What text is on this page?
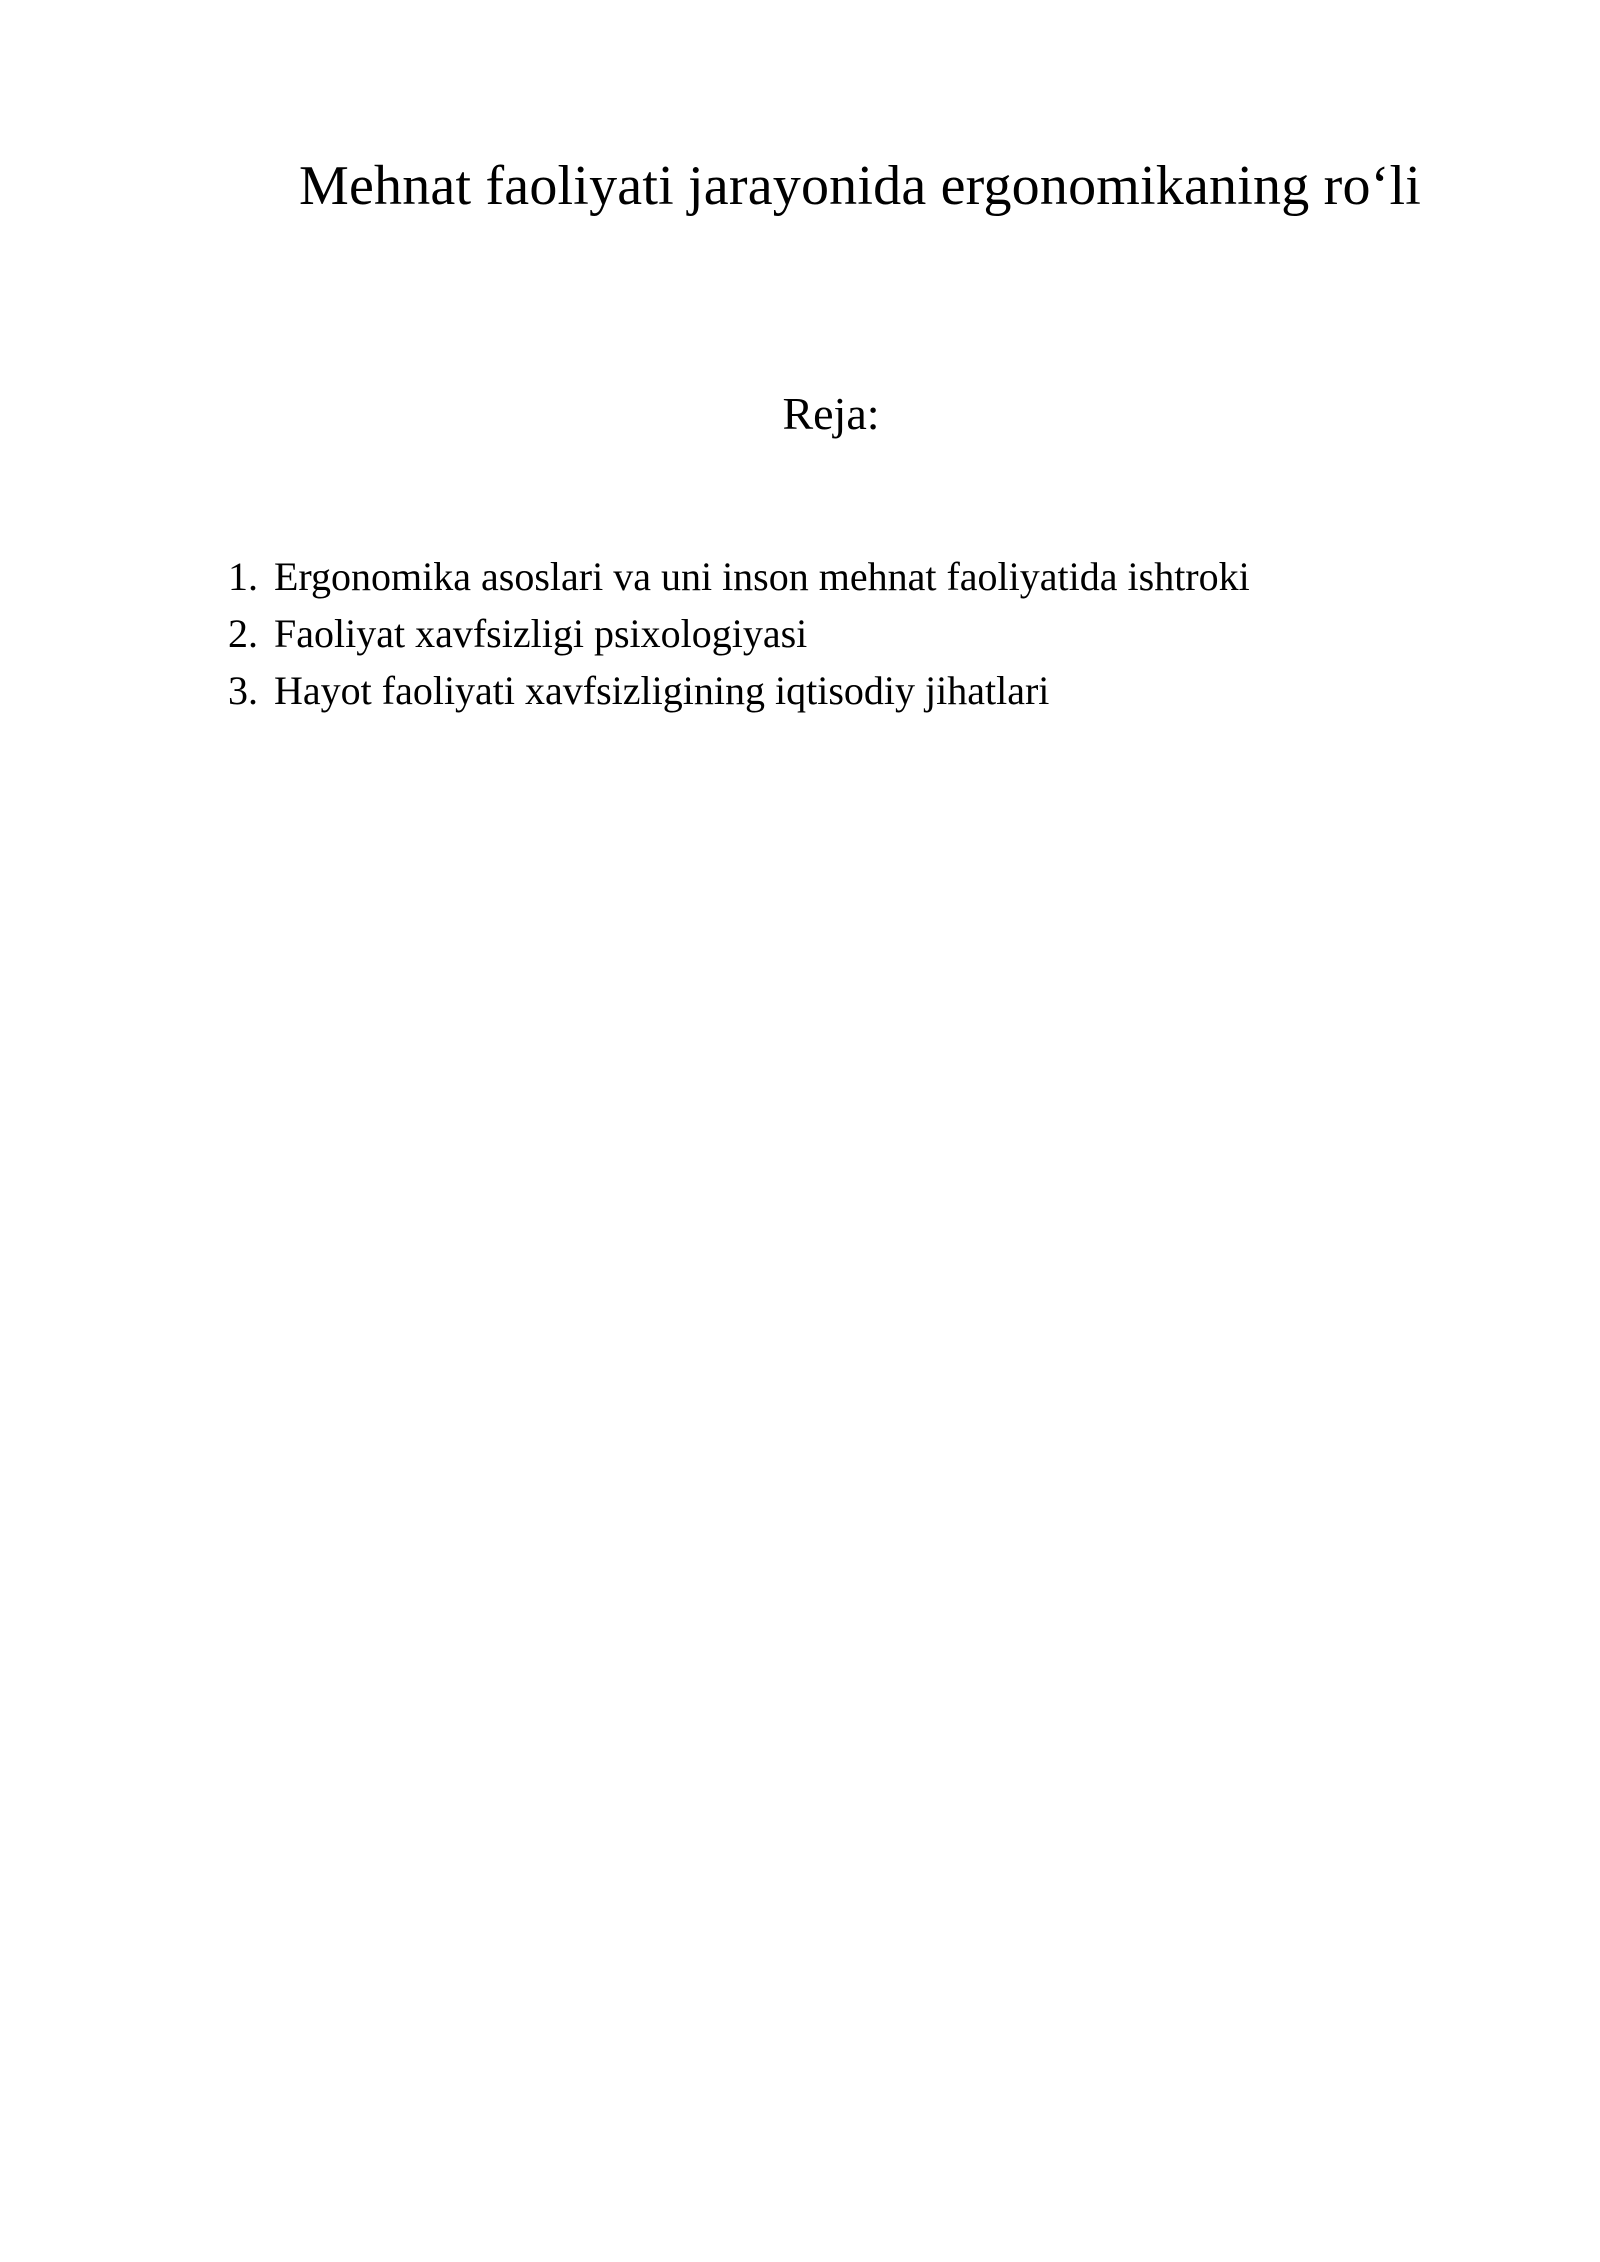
Mehnat faoliyati jarayonida ergonomikaning ro‘li
Reja:
1. Ergonomika asoslari va uni inson mehnat faoliyatida ishtroki
2. Faoliyat xavfsizligi psixologiyasi
3. Hayot faoliyati xavfsizligining iqtisodiy jihatlari
